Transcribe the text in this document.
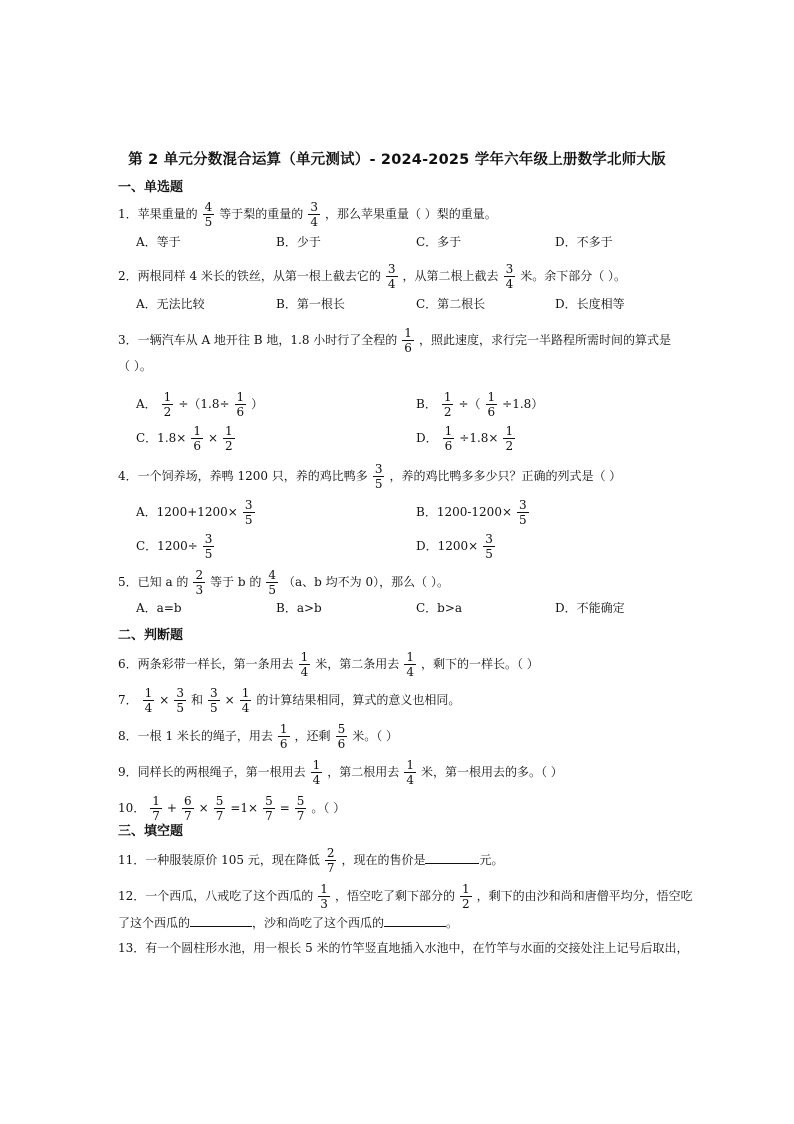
第 2 单元分数混合运算（单元测试）- 2024-2025 学年六年级上册数学北师大版
一、单选题
1．苹果重量的 $\frac{4}{5}$ 等于梨的重量的 $\frac{3}{4}$ ，那么苹果重量（ ）梨的重量。
A．等于	B．少于	C．多于	D．不多于
2．两根同样 4 米长的铁丝，从第一根上截去它的 $\frac{3}{4}$ ，从第二根上截去 $\frac{3}{4}$ 米。余下部分（ ）。
A．无法比较	B．第一根长	C．第二根长	D．长度相等
3．一辆汽车从 A 地开往 B 地，1.8 小时行了全程的 $\frac{1}{6}$ ，照此速度，求行完一半路程所需时间的算式是
（ ）。
A． $\frac{1}{2} \div(1.8\div \frac{1}{6}$ ）	B． $\frac{1}{2}$ ÷（ $\frac{1}{6} \div 1.8$）
C．$1.8\times \frac{1}{6} \times \frac{1}{2}$	D． $\frac{1}{6} \div 1.8\times \frac{1}{2}$
4．一个饲养场，养鸭 1200 只，养的鸡比鸭多 $\frac{3}{5}$ ，养的鸡比鸭多多少只？正确的列式是（ ）
A．$1200+1200\times \frac{3}{5}$	B．$1200-1200\times \frac{3}{5}$
C．$1200\div \frac{3}{5}$	D．$1200\times \frac{3}{5}$
5．已知 a 的 $\frac{2}{3}$ 等于 b 的 $\frac{4}{5} (a$、b 均不为 0），那么（ ）。
A．a=b	B．a>b	C．b>a	D．不能确定
二、判断题
6．两条彩带一样长，第一条用去 $\frac{1}{4}$ 米，第二条用去 $\frac{1}{4}$ ，剩下的一样长。（ ）
7． $\frac{1}{4} \times \frac{3}{5}$ 和 $\frac{3}{5} \times \frac{1}{4}$ 的计算结果相同，算式的意义也相同。
8．一根 1 米长的绳子，用去 $\frac{1}{6}$ ，还剩 $\frac{5}{6}$ 米。（ ）
9．同样长的两根绳子，第一根用去 $\frac{1}{4}$ ，第二根用去 $\frac{1}{4}$ 米，第一根用去的多。（ ）
10． $\frac{1}{7} + \frac{6}{7} \times \frac{5}{7} =1\times \frac{5}{7} = \frac{5}{7}$ 。（ ）
三、填空题
11．一种服装原价 105 元，现在降低 $\frac{2}{7}$ ，现在的售价是	元。
12．一个西瓜，八戒吃了这个西瓜的 $\frac{1}{3}$ ，悟空吃了剩下部分的 $\frac{1}{2}$ ，剩下的由沙和尚和唐僧平均分，悟空吃
了这个西瓜的	，沙和尚吃了这个西瓜的	。
13．有一个圆柱形水池，用一根长 5 米的竹竿竖直地插入水池中，在竹竿与水面的交接处注上记号后取出，
